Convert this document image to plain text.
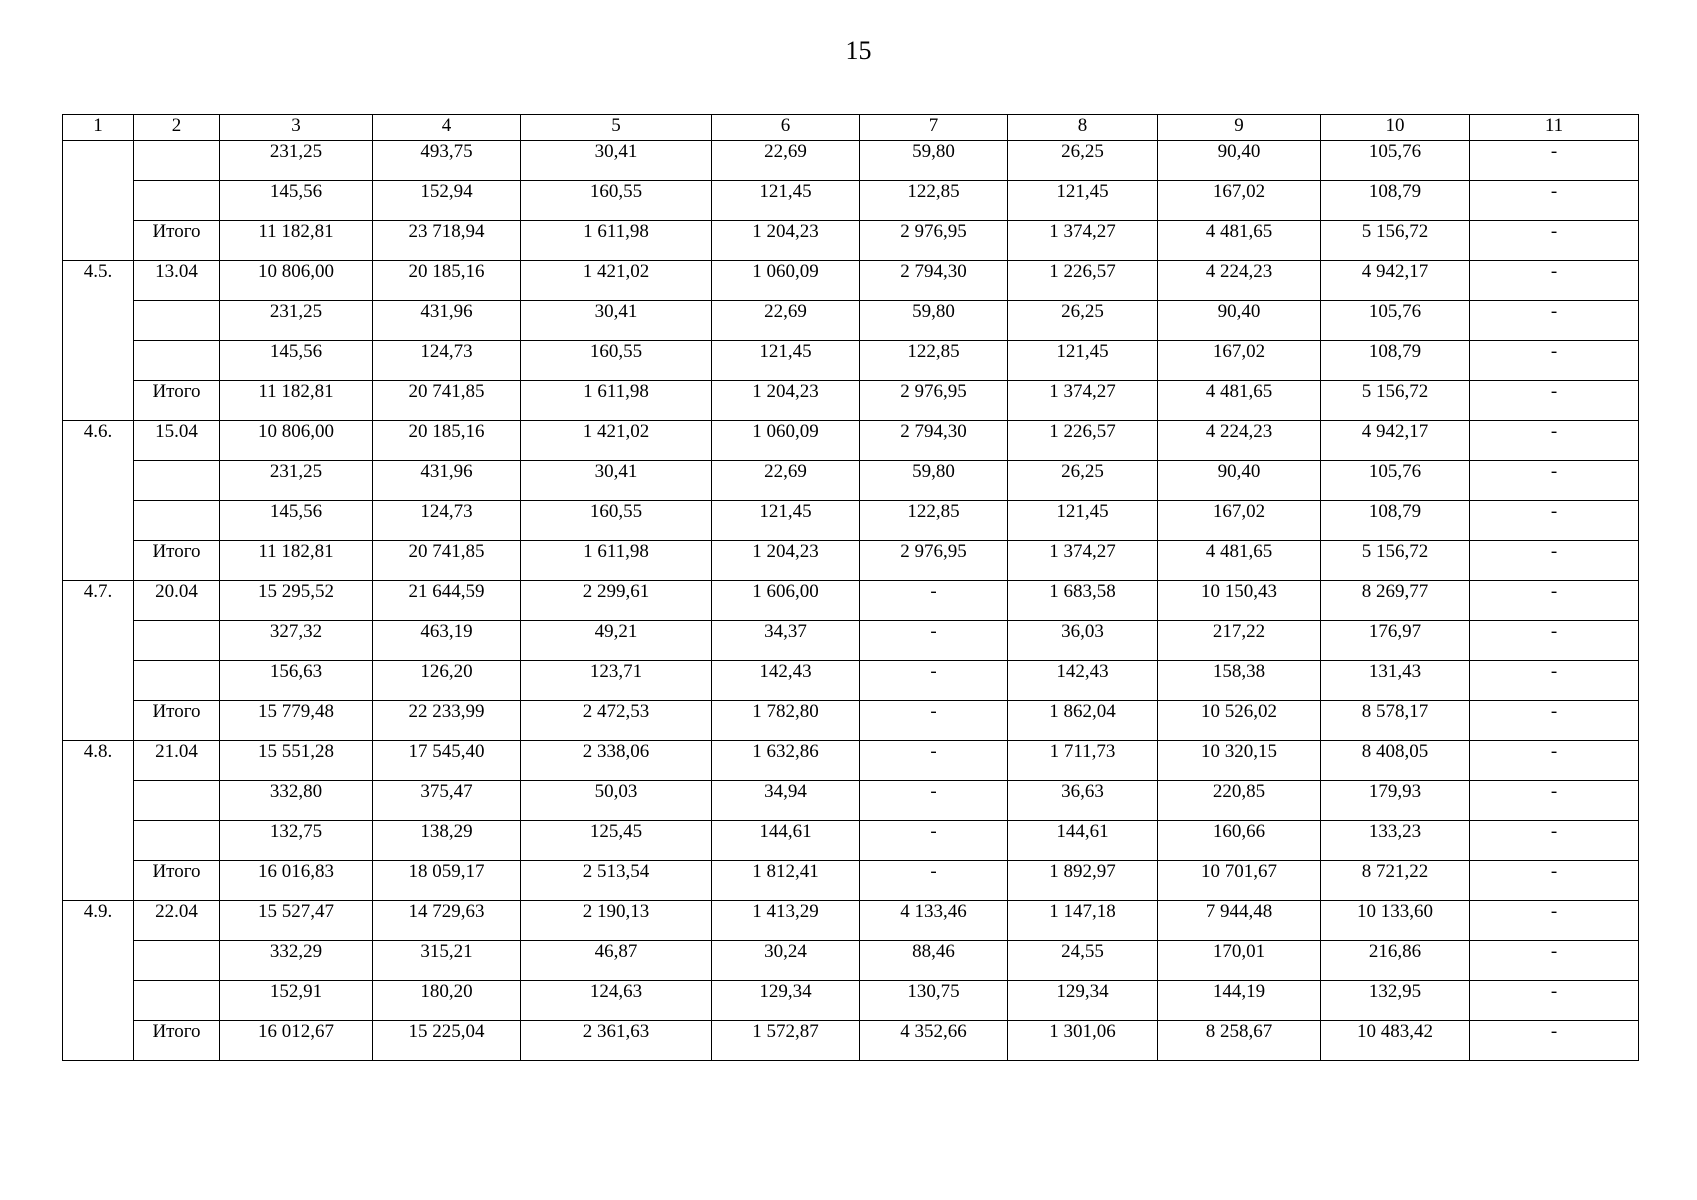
15
1	2	3	4	5	6	7	8	9	10	11
		231,25	493,75	30,41	22,69	59,80	26,25	90,40	105,76	-
		145,56	152,94	160,55	121,45	122,85	121,45	167,02	108,79	-
	Итого	11 182,81	23 718,94	1 611,98	1 204,23	2 976,95	1 374,27	4 481,65	5 156,72	-
4.5.	13.04	10 806,00	20 185,16	1 421,02	1 060,09	2 794,30	1 226,57	4 224,23	4 942,17	-
		231,25	431,96	30,41	22,69	59,80	26,25	90,40	105,76	-
		145,56	124,73	160,55	121,45	122,85	121,45	167,02	108,79	-
	Итого	11 182,81	20 741,85	1 611,98	1 204,23	2 976,95	1 374,27	4 481,65	5 156,72	-
4.6.	15.04	10 806,00	20 185,16	1 421,02	1 060,09	2 794,30	1 226,57	4 224,23	4 942,17	-
		231,25	431,96	30,41	22,69	59,80	26,25	90,40	105,76	-
		145,56	124,73	160,55	121,45	122,85	121,45	167,02	108,79	-
	Итого	11 182,81	20 741,85	1 611,98	1 204,23	2 976,95	1 374,27	4 481,65	5 156,72	-
4.7.	20.04	15 295,52	21 644,59	2 299,61	1 606,00	-	1 683,58	10 150,43	8 269,77	-
		327,32	463,19	49,21	34,37	-	36,03	217,22	176,97	-
		156,63	126,20	123,71	142,43	-	142,43	158,38	131,43	-
	Итого	15 779,48	22 233,99	2 472,53	1 782,80	-	1 862,04	10 526,02	8 578,17	-
4.8.	21.04	15 551,28	17 545,40	2 338,06	1 632,86	-	1 711,73	10 320,15	8 408,05	-
		332,80	375,47	50,03	34,94	-	36,63	220,85	179,93	-
		132,75	138,29	125,45	144,61	-	144,61	160,66	133,23	-
	Итого	16 016,83	18 059,17	2 513,54	1 812,41	-	1 892,97	10 701,67	8 721,22	-
4.9.	22.04	15 527,47	14 729,63	2 190,13	1 413,29	4 133,46	1 147,18	7 944,48	10 133,60	-
		332,29	315,21	46,87	30,24	88,46	24,55	170,01	216,86	-
		152,91	180,20	124,63	129,34	130,75	129,34	144,19	132,95	-
	Итого	16 012,67	15 225,04	2 361,63	1 572,87	4 352,66	1 301,06	8 258,67	10 483,42	-
